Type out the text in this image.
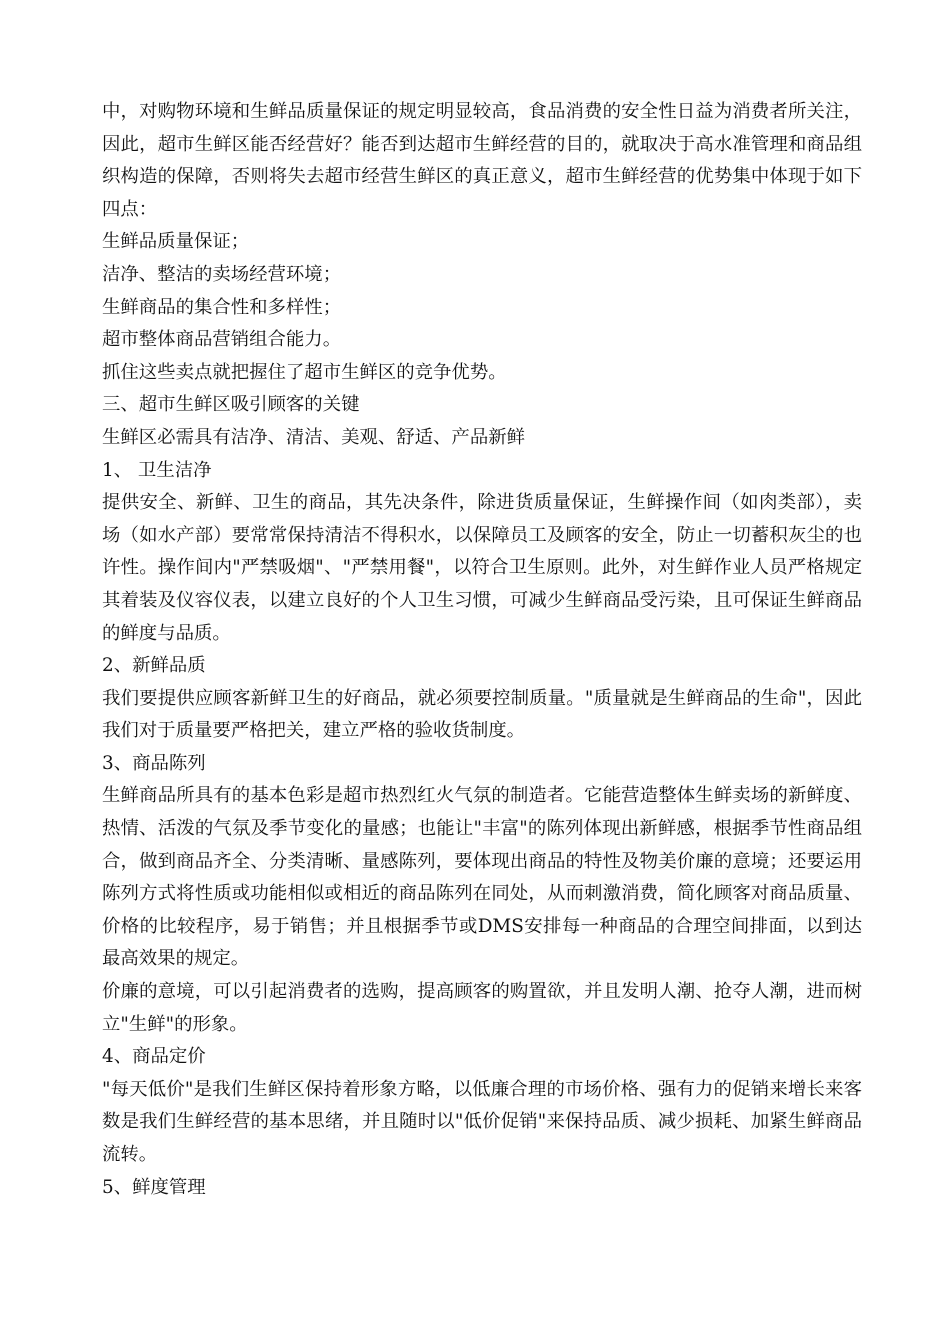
中，对购物环境和生鲜品质量保证的规定明显较高，食品消费的安全性日益为消费者所关注，因此，超市生鲜区能否经营好？能否到达超市生鲜经营的目的，就取决于高水准管理和商品组织构造的保障，否则将失去超市经营生鲜区的真正意义，超市生鲜经营的优势集中体现于如下四点：

生鲜品质量保证；

洁净、整洁的卖场经营环境；

生鲜商品的集合性和多样性；

超市整体商品营销组合能力。

抓住这些卖点就把握住了超市生鲜区的竞争优势。

三、超市生鲜区吸引顾客的关键

生鲜区必需具有洁净、清洁、美观、舒适、产品新鲜

1、 卫生洁净

提供安全、新鲜、卫生的商品，其先决条件，除进货质量保证，生鲜操作间（如肉类部），卖场（如水产部）要常常保持清洁不得积水，以保障员工及顾客的安全，防止一切蓄积灰尘的也许性。操作间内"严禁吸烟"、"严禁用餐"，以符合卫生原则。此外，对生鲜作业人员严格规定其着装及仪容仪表，以建立良好的个人卫生习惯，可减少生鲜商品受污染，且可保证生鲜商品的鲜度与品质。

2、新鲜品质

我们要提供应顾客新鲜卫生的好商品，就必须要控制质量。"质量就是生鲜商品的生命"，因此我们对于质量要严格把关，建立严格的验收货制度。

3、商品陈列

生鲜商品所具有的基本色彩是超市热烈红火气氛的制造者。它能营造整体生鲜卖场的新鲜度、热情、活泼的气氛及季节变化的量感；也能让"丰富"的陈列体现出新鲜感，根据季节性商品组合，做到商品齐全、分类清晰、量感陈列，要体现出商品的特性及物美价廉的意境；还要运用陈列方式将性质或功能相似或相近的商品陈列在同处，从而刺激消费，简化顾客对商品质量、价格的比较程序，易于销售；并且根据季节或DMS安排每一种商品的合理空间排面，以到达最高效果的规定。

价廉的意境，可以引起消费者的选购，提高顾客的购置欲，并且发明人潮、抢夺人潮，进而树立"生鲜"的形象。

4、商品定价

"每天低价"是我们生鲜区保持着形象方略，以低廉合理的市场价格、强有力的促销来增长来客数是我们生鲜经营的基本思绪，并且随时以"低价促销"来保持品质、减少损耗、加紧生鲜商品流转。

5、鲜度管理
